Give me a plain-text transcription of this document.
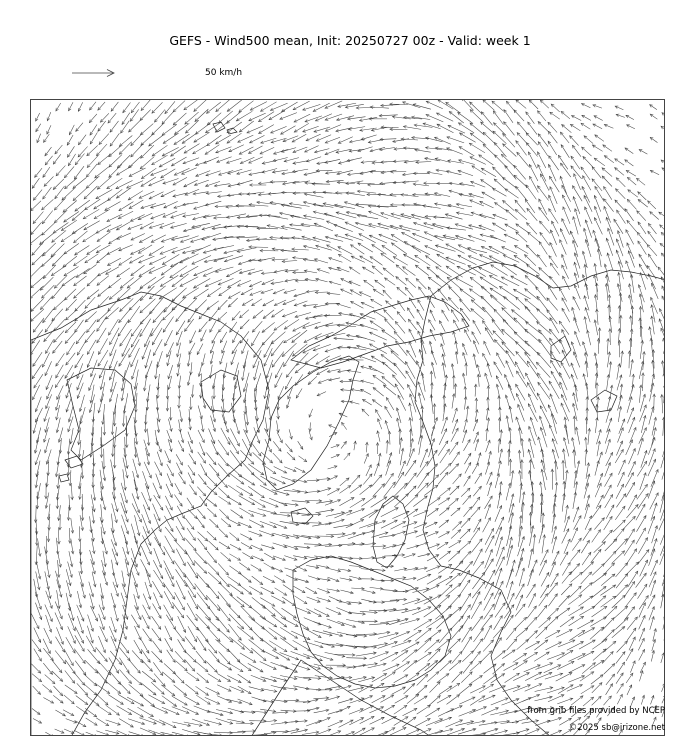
GEFS - Wind500 mean, Init: 20250727 00z - Valid: week 1
50 km/h
from grib files provided by NCEP
©2025 sb@irizone.net
